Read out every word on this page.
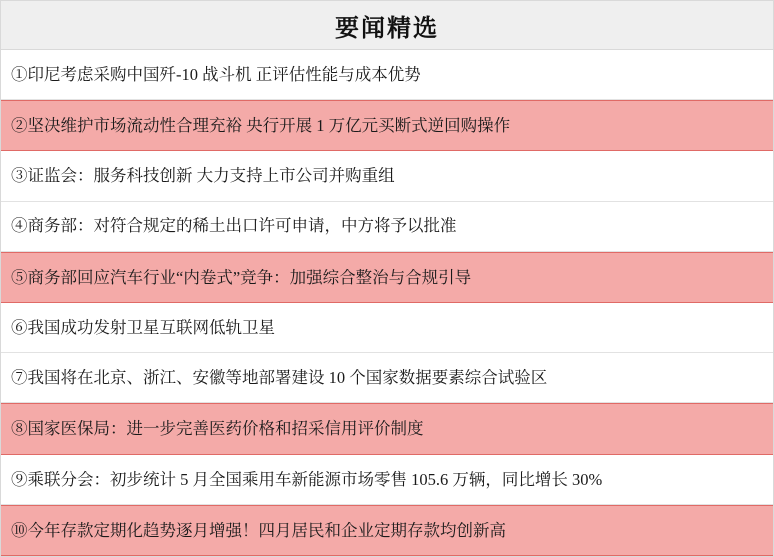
要闻精选
①印尼考虑采购中国歼-10 战斗机 正评估性能与成本优势
②坚决维护市场流动性合理充裕 央行开展 1 万亿元买断式逆回购操作
③证监会：服务科技创新 大力支持上市公司并购重组
④商务部：对符合规定的稀土出口许可申请，中方将予以批准
⑤商务部回应汽车行业“内卷式”竞争：加强综合整治与合规引导
⑥我国成功发射卫星互联网低轨卫星
⑦我国将在北京、浙江、安徽等地部署建设 10 个国家数据要素综合试验区
⑧国家医保局：进一步完善医药价格和招采信用评价制度
⑨乘联分会：初步统计 5 月全国乘用车新能源市场零售 105.6 万辆，同比增长 30%
⑩今年存款定期化趋势逐月增强！四月居民和企业定期存款均创新高
